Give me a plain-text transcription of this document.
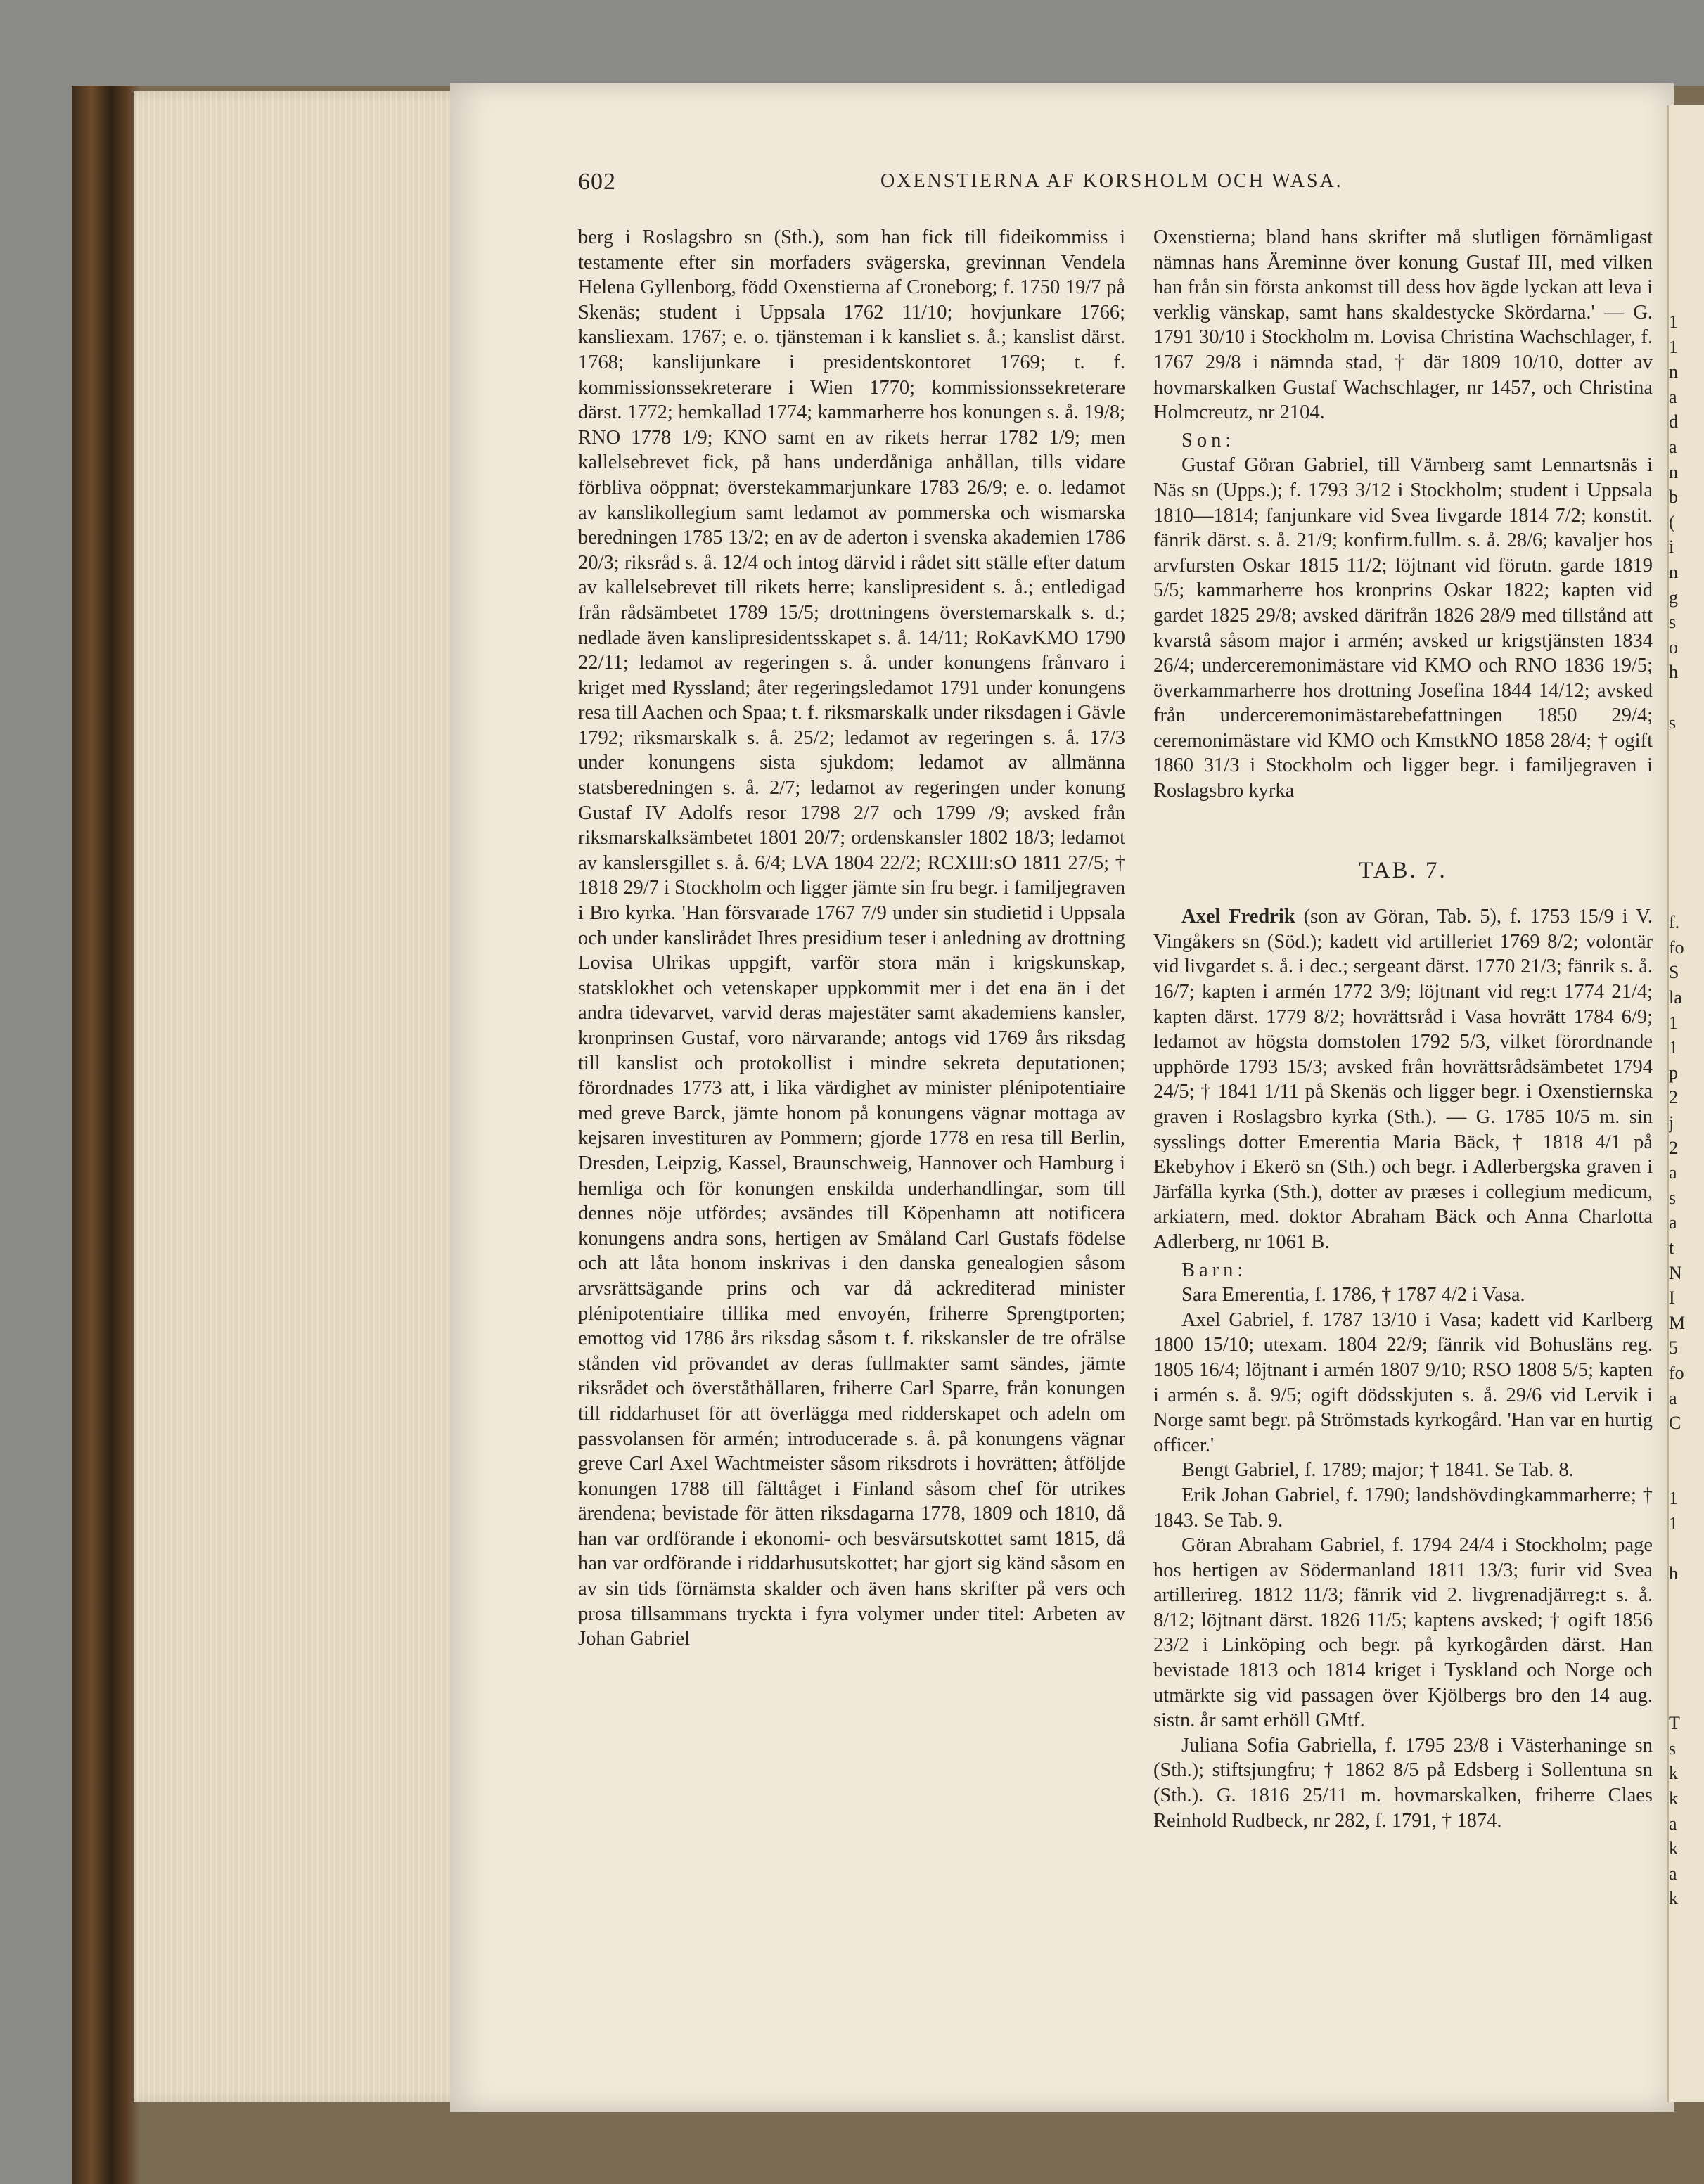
602	OXENSTIERNA AF KORSHOLM OCH WASA.

berg i Roslagsbro sn (Sth.), som han fick till fideikommiss i testamente efter sin morfaders svägerska, grevinnan Vendela Helena Gyllenborg, född Oxenstierna af Croneborg; f. 1750 19/7 på Skenäs; student i Uppsala 1762 11/10; hovjunkare 1766; kansliexam. 1767; e. o. tjänsteman i k kansliet s. å.; kanslist därst. 1768; kanslijunkare i presidentskontoret 1769; t. f. kommissionssekreterare i Wien 1770; kommissionssekreterare därst. 1772; hemkallad 1774; kammarherre hos konungen s. å. 19/8; RNO 1778 1/9; KNO samt en av rikets herrar 1782 1/9; men kallelsebrevet fick, på hans underdåniga anhållan, tills vidare förbliva oöppnat; överstekammarjunkare 1783 26/9; e. o. ledamot av kanslikollegium samt ledamot av pommerska och wismarska beredningen 1785 13/2; en av de aderton i svenska akademien 1786 20/3; riksråd s. å. 12/4 och intog därvid i rådet sitt ställe efter datum av kallelsebrevet till rikets herre; kanslipresident s. å.; entledigad från rådsämbetet 1789 15/5; drottningens överstemarskalk s. d.; nedlade även kanslipresidentsskapet s. å. 14/11; RoKavKMO 1790 22/11; ledamot av regeringen s. å. under konungens frånvaro i kriget med Ryssland; åter regeringsledamot 1791 under konungens resa till Aachen och Spaa; t. f. riksmarskalk under riksdagen i Gävle 1792; riksmarskalk s. å. 25/2; ledamot av regeringen s. å. 17/3 under konungens sista sjukdom; ledamot av allmänna statsberedningen s. å. 2/7; ledamot av regeringen under konung Gustaf IV Adolfs resor 1798 2/7 och 1799 /9; avsked från riksmarskalksämbetet 1801 20/7; ordenskansler 1802 18/3; ledamot av kanslersgillet s. å. 6/4; LVA 1804 22/2; RCXIII:sO 1811 27/5; † 1818 29/7 i Stockholm och ligger jämte sin fru begr. i familjegraven i Bro kyrka. 'Han försvarade 1767 7/9 under sin studietid i Uppsala och under kanslirådet Ihres presidium teser i anledning av drottning Lovisa Ulrikas uppgift, varför stora män i krigskunskap, statsklokhet och vetenskaper uppkommit mer i det ena än i det andra tidevarvet, varvid deras majestäter samt akademiens kansler, kronprinsen Gustaf, voro närvarande; antogs vid 1769 års riksdag till kanslist och protokollist i mindre sekreta deputationen; förordnades 1773 att, i lika värdighet av minister plénipotentiaire med greve Barck, jämte honom på konungens vägnar mottaga av kejsaren investituren av Pommern; gjorde 1778 en resa till Berlin, Dresden, Leipzig, Kassel, Braunschweig, Hannover och Hamburg i hemliga och för konungen enskilda underhandlingar, som till dennes nöje utfördes; avsändes till Köpenhamn att notificera konungens andra sons, hertigen av Småland Carl Gustafs födelse och att låta honom inskrivas i den danska genealogien såsom arvsrättsägande prins och var då ackrediterad minister plénipotentiaire tillika med envoyén, friherre Sprengtporten; emottog vid 1786 års riksdag såsom t. f. rikskansler de tre ofrälse stånden vid prövandet av deras fullmakter samt sändes, jämte riksrådet och överståthållaren, friherre Carl Sparre, från konungen till riddarhuset för att överlägga med ridderskapet och adeln om passvolansen för armén; introducerade s. å. på konungens vägnar greve Carl Axel Wachtmeister såsom riksdrots i hovrätten; åtföljde konungen 1788 till fälttåget i Finland såsom chef för utrikes ärendena; bevistade för ätten riksdagarna 1778, 1809 och 1810, då han var ordförande i ekonomi- och besvärsutskottet samt 1815, då han var ordförande i riddarhusutskottet; har gjort sig känd såsom en av sin tids förnämsta skalder och även hans skrifter på vers och prosa tillsammans tryckta i fyra volymer under titel: Arbeten av Johan Gabriel

Oxenstierna; bland hans skrifter må slutligen förnämligast nämnas hans Äreminne över konung Gustaf III, med vilken han från sin första ankomst till dess hov ägde lyckan att leva i verklig vänskap, samt hans skaldestycke Skördarna.' — G. 1791 30/10 i Stockholm m. Lovisa Christina Wachschlager, f. 1767 29/8 i nämnda stad, † där 1809 10/10, dotter av hovmarskalken Gustaf Wachschlager, nr 1457, och Christina Holmcreutz, nr 2104.

Son:

Gustaf Göran Gabriel, till Värnberg samt Lennartsnäs i Näs sn (Upps.); f. 1793 3/12 i Stockholm; student i Uppsala 1810—1814; fanjunkare vid Svea livgarde 1814 7/2; konstit. fänrik därst. s. å. 21/9; konfirm.fullm. s. å. 28/6; kavaljer hos arvfursten Oskar 1815 11/2; löjtnant vid förutn. garde 1819 5/5; kammarherre hos kronprins Oskar 1822; kapten vid gardet 1825 29/8; avsked därifrån 1826 28/9 med tillstånd att kvarstå såsom major i armén; avsked ur krigstjänsten 1834 26/4; underceremonimästare vid KMO och RNO 1836 19/5; överkammarherre hos drottning Josefina 1844 14/12; avsked från underceremonimästarebefattningen 1850 29/4; ceremonimästare vid KMO och KmstkNO 1858 28/4; † ogift 1860 31/3 i Stockholm och ligger begr. i familjegraven i Roslagsbro kyrka

TAB. 7.

Axel Fredrik (son av Göran, Tab. 5), f. 1753 15/9 i V. Vingåkers sn (Söd.); kadett vid artilleriet 1769 8/2; volontär vid livgardet s. å. i dec.; sergeant därst. 1770 21/3; fänrik s. å. 16/7; kapten i armén 1772 3/9; löjtnant vid reg:t 1774 21/4; kapten därst. 1779 8/2; hovrättsråd i Vasa hovrätt 1784 6/9; ledamot av högsta domstolen 1792 5/3, vilket förordnande upphörde 1793 15/3; avsked från hovrättsrådsämbetet 1794 24/5; † 1841 1/11 på Skenäs och ligger begr. i Oxenstiernska graven i Roslagsbro kyrka (Sth.). — G. 1785 10/5 m. sin sysslings dotter Emerentia Maria Bäck, † 1818 4/1 på Ekebyhov i Ekerö sn (Sth.) och begr. i Adlerbergska graven i Järfälla kyrka (Sth.), dotter av præses i collegium medicum, arkiatern, med. doktor Abraham Bäck och Anna Charlotta Adlerberg, nr 1061 B.

Barn:

Sara Emerentia, f. 1786, † 1787 4/2 i Vasa.

Axel Gabriel, f. 1787 13/10 i Vasa; kadett vid Karlberg 1800 15/10; utexam. 1804 22/9; fänrik vid Bohusläns reg. 1805 16/4; löjtnant i armén 1807 9/10; RSO 1808 5/5; kapten i armén s. å. 9/5; ogift dödsskjuten s. å. 29/6 vid Lervik i Norge samt begr. på Strömstads kyrkogård. 'Han var en hurtig officer.'

Bengt Gabriel, f. 1789; major; † 1841. Se Tab. 8.

Erik Johan Gabriel, f. 1790; landshövdingkammarherre; † 1843. Se Tab. 9.

Göran Abraham Gabriel, f. 1794 24/4 i Stockholm; page hos hertigen av Södermanland 1811 13/3; furir vid Svea artillerireg. 1812 11/3; fänrik vid 2. livgrenadjärreg:t s. å. 8/12; löjtnant därst. 1826 11/5; kaptens avsked; † ogift 1856 23/2 i Linköping och begr. på kyrkogården därst. Han bevistade 1813 och 1814 kriget i Tyskland och Norge och utmärkte sig vid passagen över Kjölbergs bro den 14 aug. sistn. år samt erhöll GMtf.

Juliana Sofia Gabriella, f. 1795 23/8 i Västerhaninge sn (Sth.); stiftsjungfru; † 1862 8/5 på Edsberg i Sollentuna sn (Sth.). G. 1816 25/11 m. hovmarskalken, friherre Claes Reinhold Rudbeck, nr 282, f. 1791, † 1874.

1
1
n
a
d
a
n
b
(
i
n
g
s
o
h
s
f.
fo
S
la
1
1
p
2
j
2
a
s
a
t
N
I
M
5
fo
a
C
1
1
h
T
s
k
k
a
k
a
k
